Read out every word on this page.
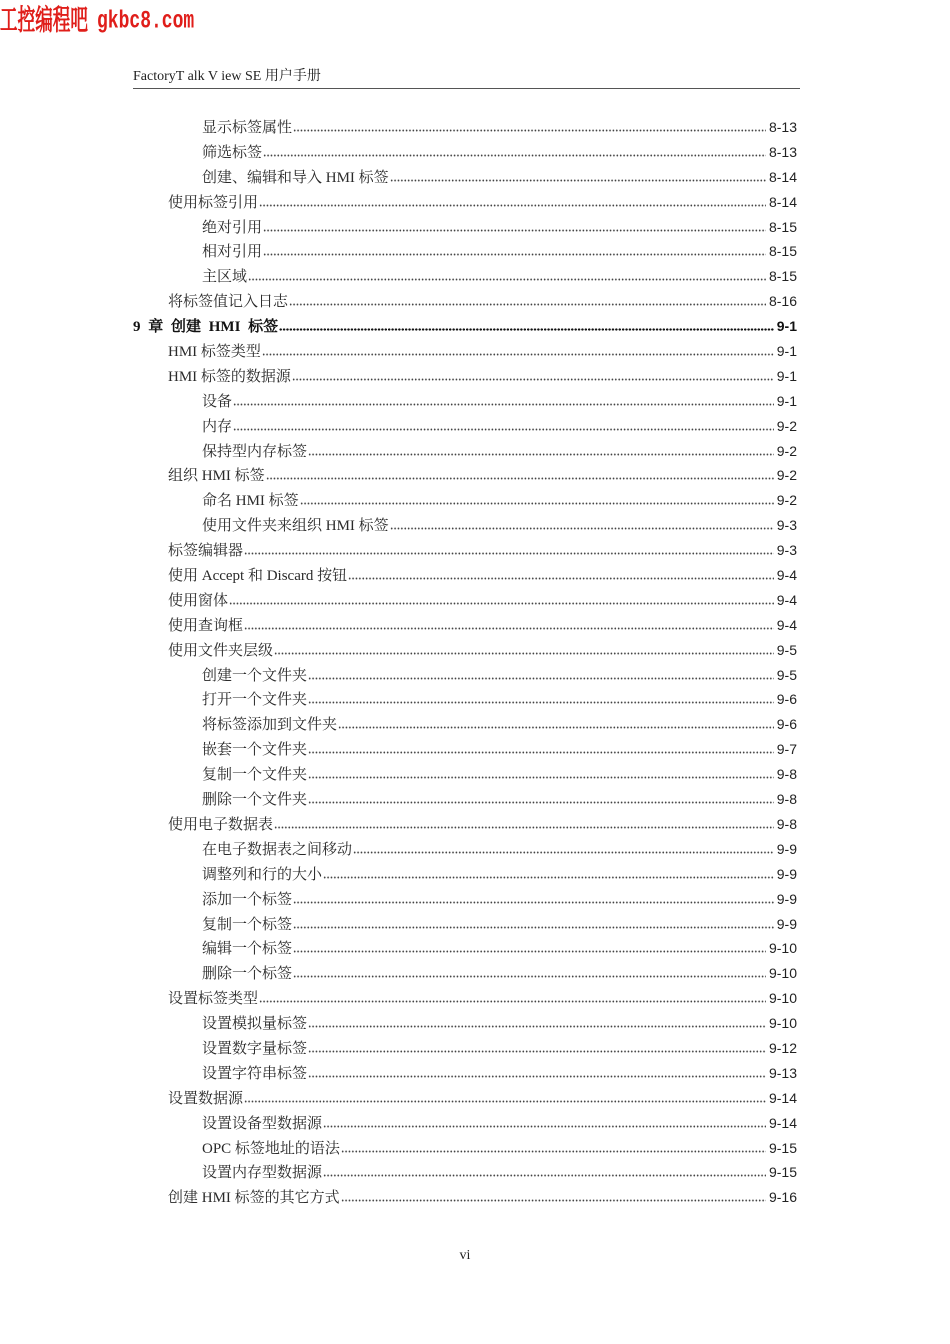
工控编程吧 gkbc8.com
FactoryT alk V iew SE 用户手册
显示标签属性	8-13
筛选标签	8-13
创建、编辑和导入 HMI 标签	8-14
使用标签引用	8-14
绝对引用	8-15
相对引用	8-15
主区域	8-15
将标签值记入日志	8-16
9 章 创建 HMI 标签	9-1
HMI 标签类型	9-1
HMI 标签的数据源	9-1
设备	9-1
内存	9-2
保持型内存标签	9-2
组织 HMI 标签	9-2
命名 HMI 标签	9-2
使用文件夹来组织 HMI 标签	9-3
标签编辑器	9-3
使用 Accept 和 Discard 按钮	9-4
使用窗体	9-4
使用查询框	9-4
使用文件夹层级	9-5
创建一个文件夹	9-5
打开一个文件夹	9-6
将标签添加到文件夹	9-6
嵌套一个文件夹	9-7
复制一个文件夹	9-8
删除一个文件夹	9-8
使用电子数据表	9-8
在电子数据表之间移动	9-9
调整列和行的大小	9-9
添加一个标签	9-9
复制一个标签	9-9
编辑一个标签	9-10
删除一个标签	9-10
设置标签类型	9-10
设置模拟量标签	9-10
设置数字量标签	9-12
设置字符串标签	9-13
设置数据源	9-14
设置设备型数据源	9-14
OPC 标签地址的语法	9-15
设置内存型数据源	9-15
创建 HMI 标签的其它方式	9-16
vi
